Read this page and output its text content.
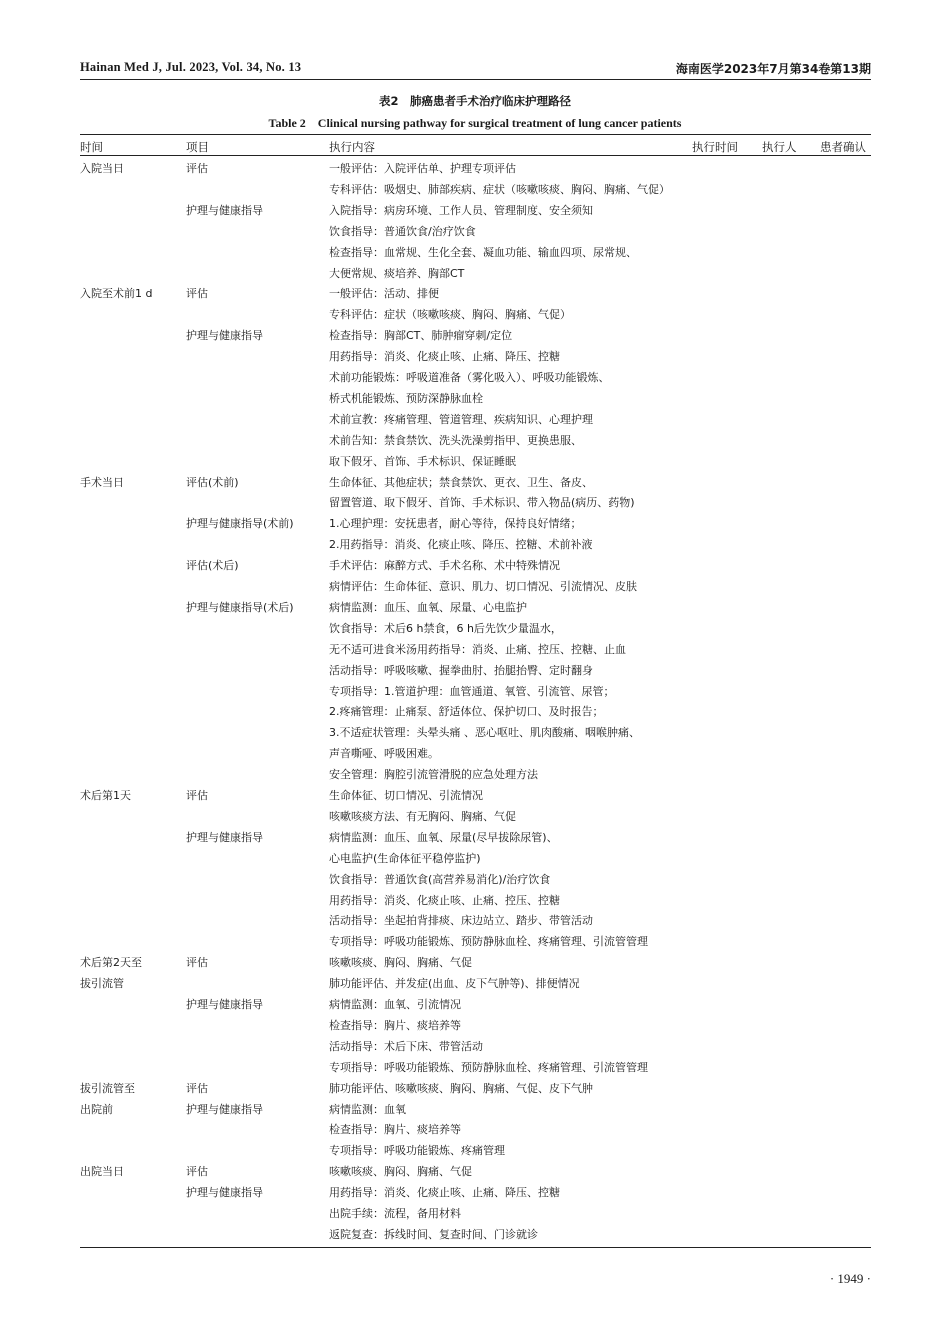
Hainan Med J, Jul. 2023, Vol. 34, No. 13	海南医学2023年7月第34卷第13期
表2　肺癌患者手术治疗临床护理路径
Table 2　Clinical nursing pathway for surgical treatment of lung cancer patients
时间	项目	执行内容	执行时间 执行人 患者确认
入院当日	评估	一般评估：入院评估单、护理专项评估
专科评估：吸烟史、肺部疾病、症状（咳嗽咳痰、胸闷、胸痛、气促）
护理与健康指导	入院指导：病房环境、工作人员、管理制度、安全须知
饮食指导：普通饮食/治疗饮食
检查指导：血常规、生化全套、凝血功能、输血四项、尿常规、
大便常规、痰培养、胸部CT
入院至术前1 d	评估	一般评估：活动、排便
专科评估：症状（咳嗽咳痰、胸闷、胸痛、气促）
护理与健康指导	检查指导：胸部CT、肺肿瘤穿刺/定位
用药指导：消炎、化痰止咳、止痛、降压、控糖
术前功能锻炼：呼吸道准备（雾化吸入）、呼吸功能锻炼、
桥式机能锻炼、预防深静脉血栓
术前宣教：疼痛管理、管道管理、疾病知识、心理护理
术前告知：禁食禁饮、洗头洗澡剪指甲、更换患服、
取下假牙、首饰、手术标识、保证睡眠
手术当日	评估(术前)	生命体征、其他症状；禁食禁饮、更衣、卫生、备皮、
留置管道、取下假牙、首饰、手术标识、带入物品(病历、药物)
护理与健康指导(术前)	1.心理护理：安抚患者，耐心等待，保持良好情绪；
2.用药指导：消炎、化痰止咳、降压、控糖、术前补液
评估(术后)	手术评估：麻醉方式、手术名称、术中特殊情况
病情评估：生命体征、意识、肌力、切口情况、引流情况、皮肤
护理与健康指导(术后)	病情监测：血压、血氧、尿量、心电监护
饮食指导：术后6 h禁食，6 h后先饮少量温水，
无不适可进食米汤用药指导：消炎、止痛、控压、控糖、止血
活动指导：呼吸咳嗽、握拳曲肘、抬腿抬臀、定时翻身
专项指导：1.管道护理：血管通道、氧管、引流管、尿管；
2.疼痛管理：止痛泵、舒适体位、保护切口、及时报告；
3.不适症状管理：头晕头痛 、恶心呕吐、肌肉酸痛、咽喉肿痛、
声音嘶哑、呼吸困难。
安全管理：胸腔引流管滑脱的应急处理方法
术后第1天	评估	生命体征、切口情况、引流情况
咳嗽咳痰方法、有无胸闷、胸痛、气促
护理与健康指导	病情监测：血压、血氧、尿量(尽早拔除尿管)、
心电监护(生命体征平稳停监护)
饮食指导：普通饮食(高营养易消化)/治疗饮食
用药指导：消炎、化痰止咳、止痛、控压、控糖
活动指导：坐起拍背排痰、床边站立、踏步、带管活动
专项指导：呼吸功能锻炼、预防静脉血栓、疼痛管理、引流管管理
术后第2天至	评估	咳嗽咳痰、胸闷、胸痛、气促
拔引流管	肺功能评估、并发症(出血、皮下气肿等)、排便情况
护理与健康指导	病情监测：血氧、引流情况
检查指导：胸片、痰培养等
活动指导：术后下床、带管活动
专项指导：呼吸功能锻炼、预防静脉血栓、疼痛管理、引流管管理
拔引流管至	评估	肺功能评估、咳嗽咳痰、胸闷、胸痛、气促、皮下气肿
出院前	护理与健康指导	病情监测：血氧
检查指导：胸片、痰培养等
专项指导：呼吸功能锻炼、疼痛管理
出院当日	评估	咳嗽咳痰、胸闷、胸痛、气促
护理与健康指导	用药指导：消炎、化痰止咳、止痛、降压、控糖
出院手续：流程，备用材料
返院复查：拆线时间、复查时间、门诊就诊
· 1949 ·
